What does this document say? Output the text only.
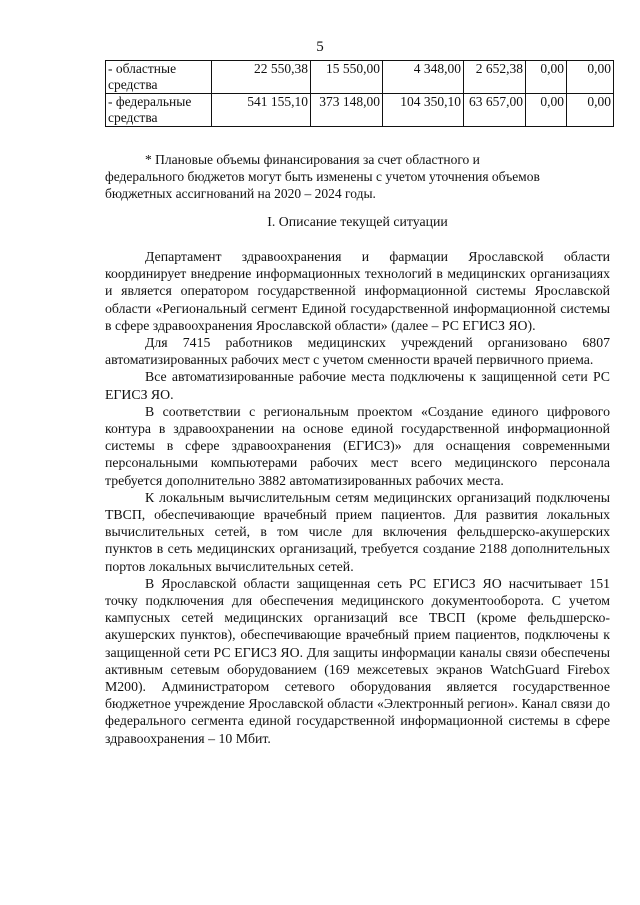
5
- областные средства	22 550,38	15 550,00	4 348,00	2 652,38	0,00	0,00
- федеральные средства	541 155,10	373 148,00	104 350,10	63 657,00	0,00	0,00

* Плановые объемы финансирования за счет областного и

федерального бюджетов могут быть изменены с учетом уточнения объемов

бюджетных ассигнований на 2020 – 2024 годы.

I. Описание текущей ситуации

Департамент здравоохранения и фармации Ярославской области координирует внедрение информационных технологий в медицинских организациях и является оператором государственной информационной системы Ярославской области «Региональный сегмент Единой государственной информационной системы в сфере здравоохранения Ярославской области» (далее – РС ЕГИСЗ ЯО).

Для 7415 работников медицинских учреждений организовано 6807 автоматизированных рабочих мест с учетом сменности врачей первичного приема.

Все автоматизированные рабочие места подключены к защищенной сети РС ЕГИСЗ ЯО.

В соответствии с региональным проектом «Создание единого цифрового контура в здравоохранении на основе единой государственной информационной системы в сфере здравоохранения (ЕГИСЗ)» для оснащения современными персональными компьютерами рабочих мест всего медицинского персонала требуется дополнительно 3882 автоматизированных рабочих места.

К локальным вычислительным сетям медицинских организаций подключены ТВСП, обеспечивающие врачебный прием пациентов. Для развития локальных вычислительных сетей, в том числе для включения фельдшерско-акушерских пунктов в сеть медицинских организаций, требуется создание 2188 дополнительных портов локальных вычислительных сетей.

В Ярославской области защищенная сеть РС ЕГИСЗ ЯО насчитывает 151 точку подключения для обеспечения медицинского документооборота. С учетом кампусных сетей медицинских организаций все ТВСП (кроме фельдшерско-акушерских пунктов), обеспечивающие врачебный прием пациентов, подключены к защищенной сети РС ЕГИСЗ ЯО. Для защиты информации каналы связи обеспечены активным сетевым оборудованием (169 межсетевых экранов WatchGuard Firebox M200). Администратором сетевого оборудования является государственное бюджетное учреждение Ярославской области «Электронный регион». Канал связи до федерального сегмента единой государственной информационной системы в сфере здравоохранения – 10 Мбит.
